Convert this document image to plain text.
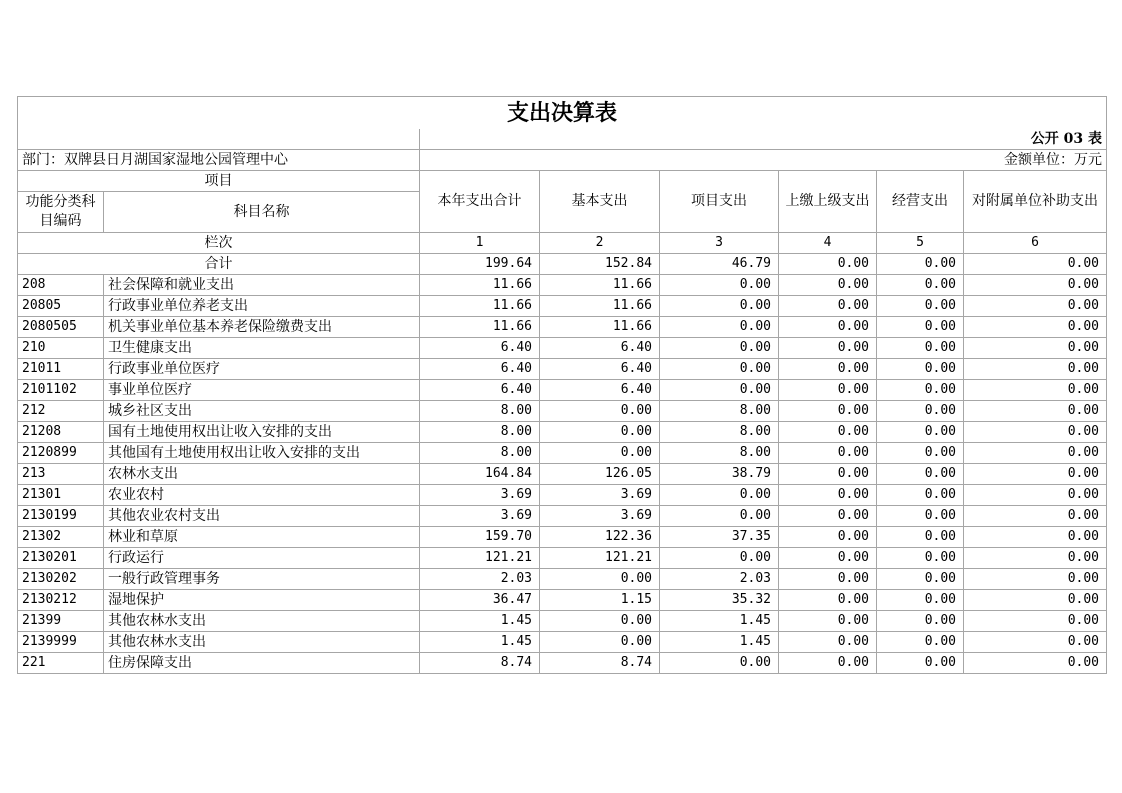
支出决算表							
		公开 03 表					
部门：双牌县日月湖国家湿地公园管理中心		金额单位：万元					
项目		本年支出合计	基本支出	项目支出	上缴上级支出	经营支出	对附属单位补助支出
功能分类科目编码	科目名称						
栏次		1	2	3	4	5	6
合计		199.64	152.84	46.79	0.00	0.00	0.00
208	社会保障和就业支出	11.66	11.66	0.00	0.00	0.00	0.00
20805	行政事业单位养老支出	11.66	11.66	0.00	0.00	0.00	0.00
2080505	机关事业单位基本养老保险缴费支出	11.66	11.66	0.00	0.00	0.00	0.00
210	卫生健康支出	6.40	6.40	0.00	0.00	0.00	0.00
21011	行政事业单位医疗	6.40	6.40	0.00	0.00	0.00	0.00
2101102	事业单位医疗	6.40	6.40	0.00	0.00	0.00	0.00
212	城乡社区支出	8.00	0.00	8.00	0.00	0.00	0.00
21208	国有土地使用权出让收入安排的支出	8.00	0.00	8.00	0.00	0.00	0.00
2120899	其他国有土地使用权出让收入安排的支出	8.00	0.00	8.00	0.00	0.00	0.00
213	农林水支出	164.84	126.05	38.79	0.00	0.00	0.00
21301	农业农村	3.69	3.69	0.00	0.00	0.00	0.00
2130199	其他农业农村支出	3.69	3.69	0.00	0.00	0.00	0.00
21302	林业和草原	159.70	122.36	37.35	0.00	0.00	0.00
2130201	行政运行	121.21	121.21	0.00	0.00	0.00	0.00
2130202	一般行政管理事务	2.03	0.00	2.03	0.00	0.00	0.00
2130212	湿地保护	36.47	1.15	35.32	0.00	0.00	0.00
21399	其他农林水支出	1.45	0.00	1.45	0.00	0.00	0.00
2139999	其他农林水支出	1.45	0.00	1.45	0.00	0.00	0.00
221	住房保障支出	8.74	8.74	0.00	0.00	0.00	0.00
